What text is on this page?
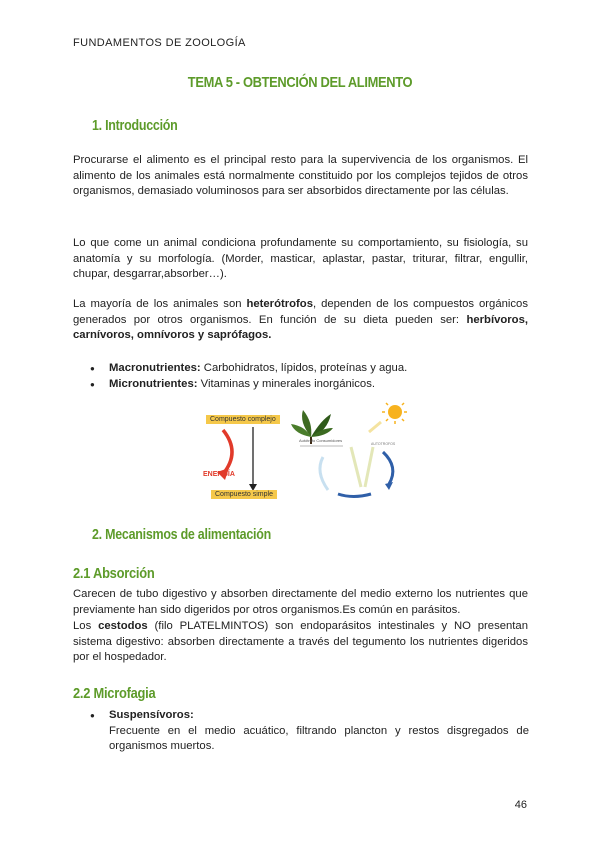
FUNDAMENTOS DE ZOOLOGÍA
TEMA 5 - OBTENCIÓN DEL ALIMENTO
1. Introducción
Procurarse el alimento es el principal resto para la supervivencia de los organismos. El alimento de los animales está normalmente constituido por los complejos tejidos de otros organismos, demasiado voluminosos para ser absorbidos directamente por las células.
Lo que come un animal condiciona profundamente su comportamiento, su fisiología, su anatomía y su morfología. (Morder, masticar, aplastar, pastar, triturar, filtrar, engullir, chupar, desgarrar,absorber…).
La mayoría de los animales son heterótrofos, dependen de los compuestos orgánicos generados por otros organismos. En función de su dieta pueden ser: herbívoros, carnívoros, omnívoros y saprófagos.
● Macronutrientes: Carbohidratos, lípidos, proteínas y agua.
● Micronutrientes: Vitaminas y minerales inorgánicos.
Compuesto complejo
Autótrofo Consumidores
AUTOTROFOS
ENERGÍA
Compuesto simple
2. Mecanismos de alimentación
2.1 Absorción
Carecen de tubo digestivo y absorben directamente del medio externo los nutrientes que previamente han sido digeridos por otros organismos.Es común en parásitos.
Los cestodos (filo PLATELMINTOS) son endoparásitos intestinales y NO presentan sistema digestivo: absorben directamente a través del tegumento los nutrientes digeridos por el hospedador.
2.2 Microfagia
● Suspensívoros:
Frecuente en el medio acuático, filtrando plancton y restos disgregados de organismos muertos.
46
